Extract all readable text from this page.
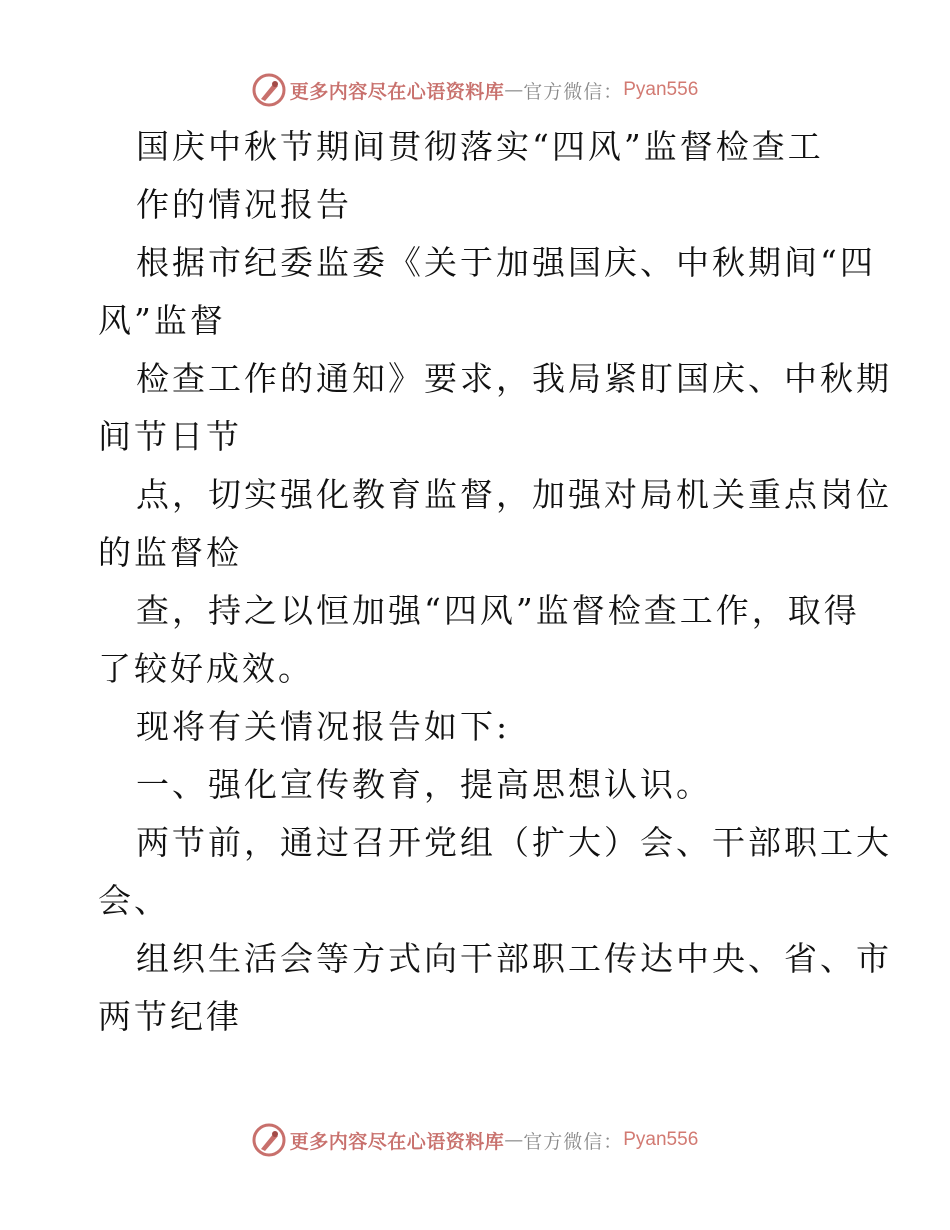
更多内容尽在心语资料库 — 官方微信： Pyan556
国庆中秋节期间贯彻落实“四风”监督检查工
作的情况报告
根据市纪委监委《关于加强国庆、中秋期间“四
风”监督
检查工作的通知》要求，我局紧盯国庆、中秋期
间节日节
点，切实强化教育监督，加强对局机关重点岗位
的监督检
查，持之以恒加强“四风”监督检查工作，取得
了较好成效。
现将有关情况报告如下:
一、强化宣传教育，提高思想认识。
两节前，通过召开党组（扩大）会、干部职工大
会、
组织生活会等方式向干部职工传达中央、省、市
两节纪律
更多内容尽在心语资料库 — 官方微信： Pyan556
